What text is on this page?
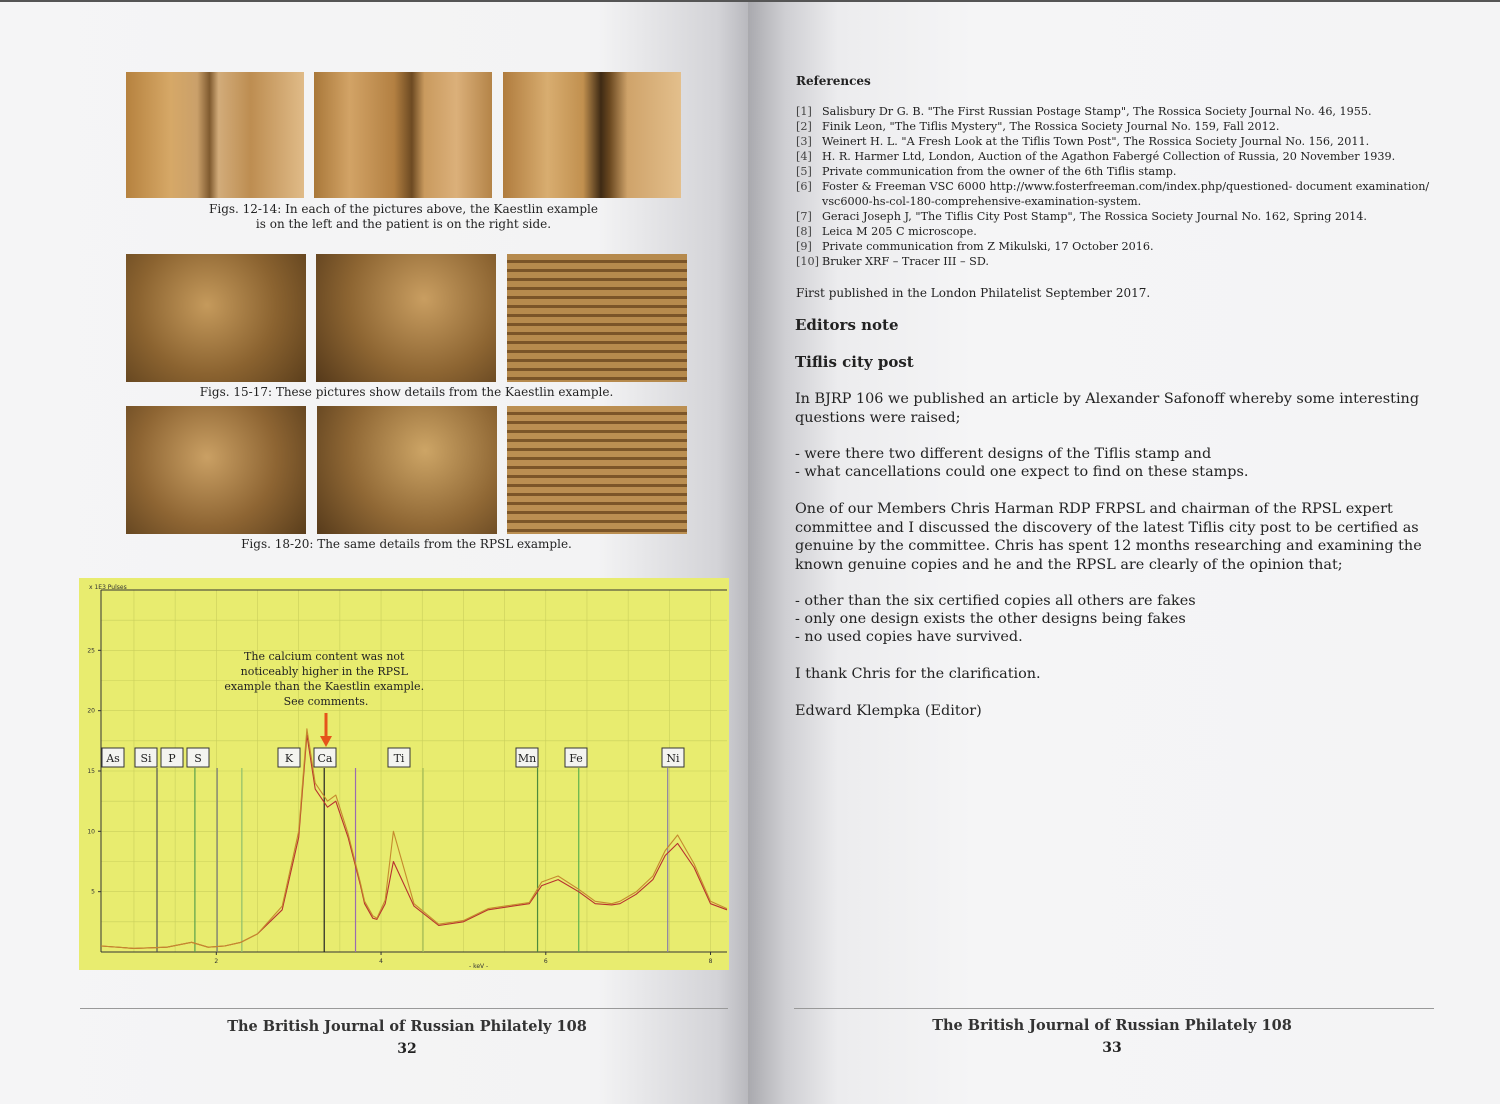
Figs. 12-14: In each of the pictures above, the Kaestlin example
is on the left and the patient is on the right side.
Figs. 15-17: These pictures show details from the Kaestlin example.
Figs. 18-20: The same details from the RPSL example.
x 1E3 Pulses
- keV -
5
10
15
20
25
2	4	6	8
As Si P S	K Ca	Ti	Mn	Fe	Ni
The calcium content was not noticeably higher in the RPSL example than the Kaestlin example. See comments.
The British Journal of Russian Philately 108
32
References
[1] Salisbury Dr G. B. "The First Russian Postage Stamp", The Rossica Society Journal No. 46, 1955.
[2] Finik Leon, "The Tiflis Mystery", The Rossica Society Journal No. 159, Fall 2012.
[3] Weinert H. L. "A Fresh Look at the Tiflis Town Post", The Rossica Society Journal No. 156, 2011.
[4] H. R. Harmer Ltd, London, Auction of the Agathon Fabergé Collection of Russia, 20 November 1939.
[5] Private communication from the owner of the 6th Tiflis stamp.
[6] Foster & Freeman VSC 6000 http://www.fosterfreeman.com/index.php/questioned- document examination/
vsc6000-hs-col-180-comprehensive-examination-system.
[7] Geraci Joseph J, "The Tiflis City Post Stamp", The Rossica Society Journal No. 162, Spring 2014.
[8] Leica M 205 C microscope.
[9] Private communication from Z Mikulski, 17 October 2016.
[10] Bruker XRF – Tracer III – SD.
First published in the London Philatelist September 2017.
Editors note
Tiflis city post
In BJRP 106 we published an article by Alexander Safonoff whereby some interesting questions were raised;
- were there two different designs of the Tiflis stamp and
- what cancellations could one expect to find on these stamps.
One of our Members Chris Harman RDP FRPSL and chairman of the RPSL expert committee and I discussed the discovery of the latest Tiflis city post to be certified as genuine by the committee. Chris has spent 12 months researching and examining the known genuine copies and he and the RPSL are clearly of the opinion that;
- other than the six certified copies all others are fakes
- only one design exists the other designs being fakes
- no used copies have survived.
I thank Chris for the clarification.
Edward Klempka (Editor)
The British Journal of Russian Philately 108
33
